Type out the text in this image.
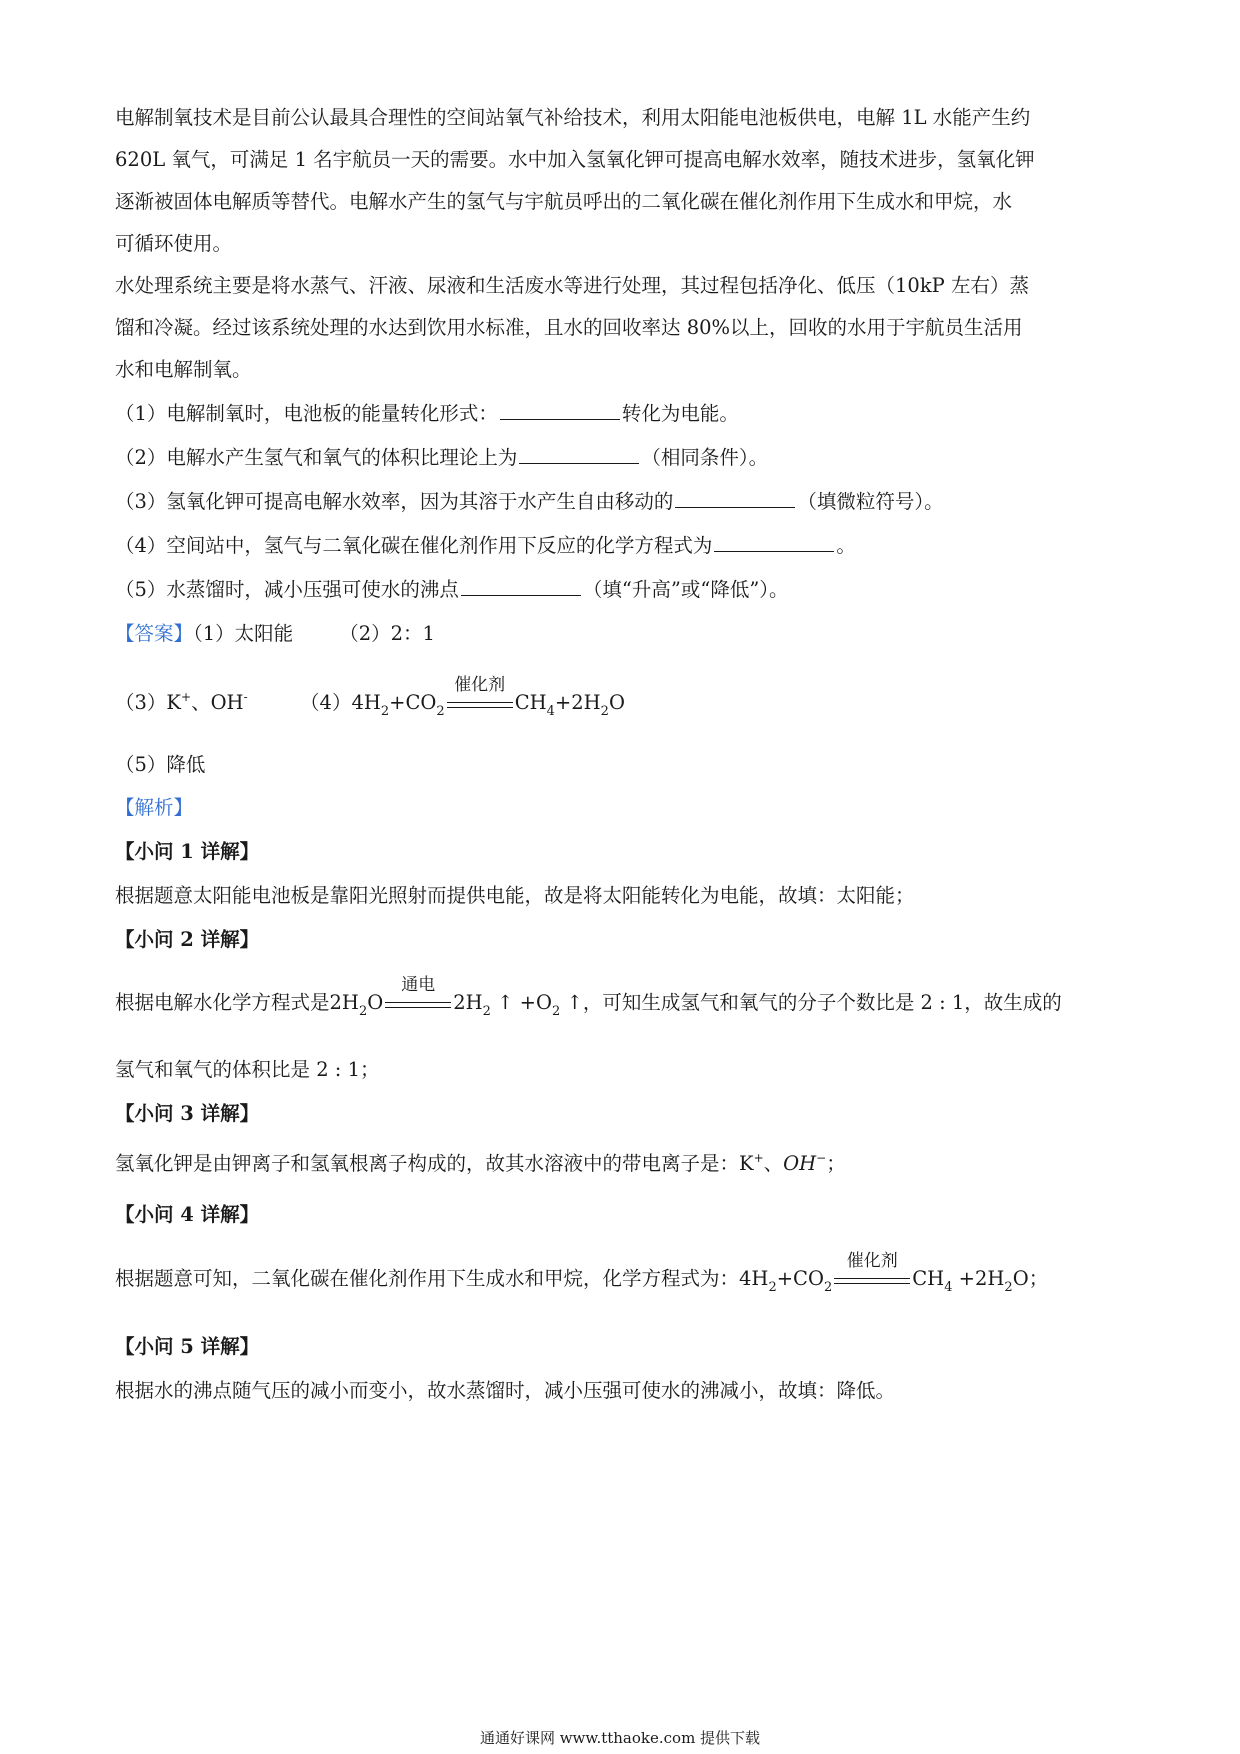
电解制氧技术是目前公认最具合理性的空间站氧气补给技术，利用太阳能电池板供电，电解 1L 水能产生约
620L 氧气，可满足 1 名宇航员一天的需要。水中加入氢氧化钾可提高电解水效率，随技术进步，氢氧化钾
逐渐被固体电解质等替代。电解水产生的氢气与宇航员呼出的二氧化碳在催化剂作用下生成水和甲烷，水
可循环使用。
水处理系统主要是将水蒸气、汗液、尿液和生活废水等进行处理，其过程包括净化、低压（10kP 左右）蒸
馏和冷凝。经过该系统处理的水达到饮用水标准，且水的回收率达 80%以上，回收的水用于宇航员生活用
水和电解制氧。
（1）电解制氧时，电池板的能量转化形式：	转化为电能。
（2）电解水产生氢气和氧气的体积比理论上为	（相同条件）。
（3）氢氧化钾可提高电解水效率，因为其溶于水产生自由移动的	（填微粒符号）。
（4）空间站中，氢气与二氧化碳在催化剂作用下反应的化学方程式为	。
（5）水蒸馏时，减小压强可使水的沸点	（填“升高”或“降低”）。
【答案】（1）太阳能 （2）2：1
（3）K+、OH-	$(4)4H_2+CO_2$
催化剂
$CH_4+2H_2O$
（5）降低
【解析】
【小问 1 详解】
根据题意太阳能电池板是靠阳光照射而提供电能，故是将太阳能转化为电能，故填：太阳能；
【小问 2 详解】
根据电解水化学方程式是$2H_2O$
通电
$2H_2$ ↑ $+O_2$ ↑，可知生成氢气和氧气的分子个数比是 2 : 1，故生成的
氢气和氧气的体积比是 2 : 1；
【小问 3 详解】
氢氧化钾是由钾离子和氢氧根离子构成的，故其水溶液中的带电离子是：K+、OH−；
【小问 4 详解】
根据题意可知，二氧化碳在催化剂作用下生成水和甲烷，化学方程式为：$4H_2+CO_2$
催化剂
$CH_4 +2H_2O$；
【小问 5 详解】
根据水的沸点随气压的减小而变小，故水蒸馏时，减小压强可使水的沸减小，故填：降低。
通通好课网 www.tthaoke.com 提供下载
